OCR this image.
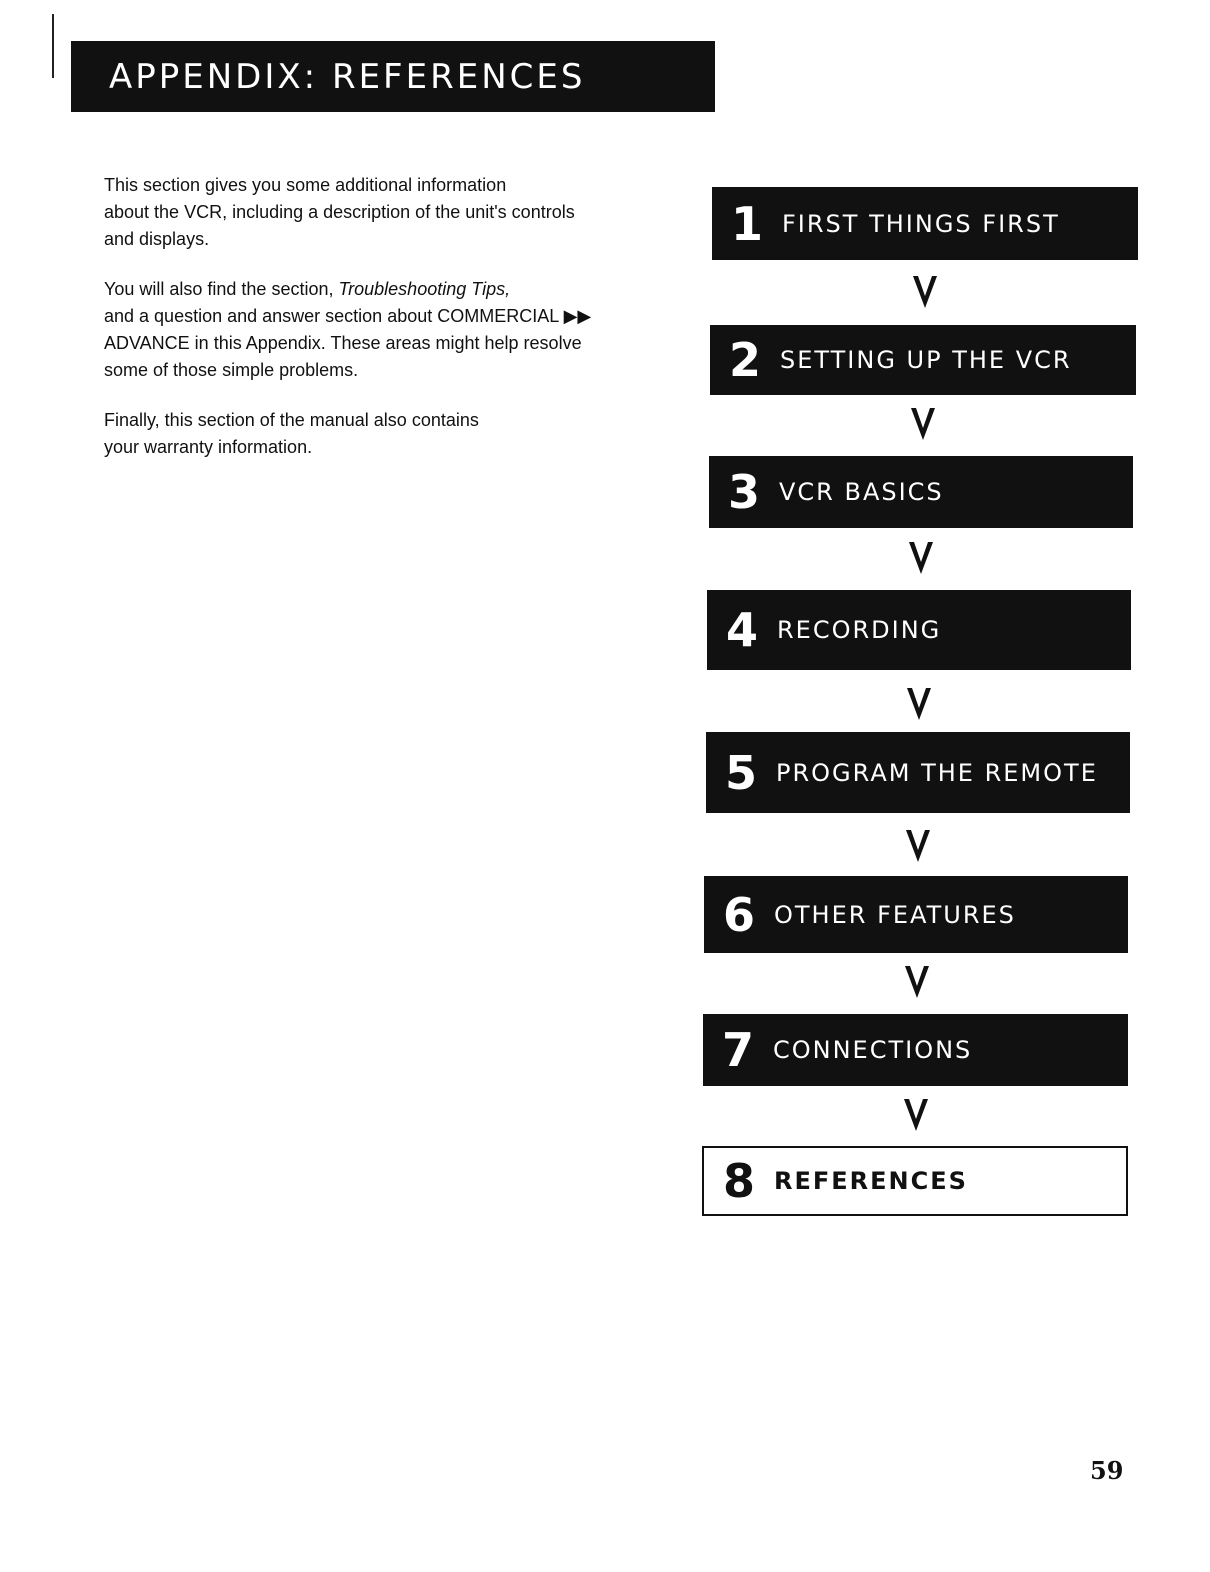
APPENDIX: REFERENCES

This section gives you some additional information
about the VCR, including a description of the unit's controls
and displays.

You will also find the section, Troubleshooting Tips,
and a question and answer section about COMMERCIAL ▶▶
ADVANCE in this Appendix. These areas might help resolve
some of those simple problems.

Finally, this section of the manual also contains
your warranty information.

1 FIRST THINGS FIRST
2 SETTING UP THE VCR
3 VCR BASICS
4 RECORDING
5 PROGRAM THE REMOTE
6 OTHER FEATURES
7 CONNECTIONS
8 REFERENCES
59
